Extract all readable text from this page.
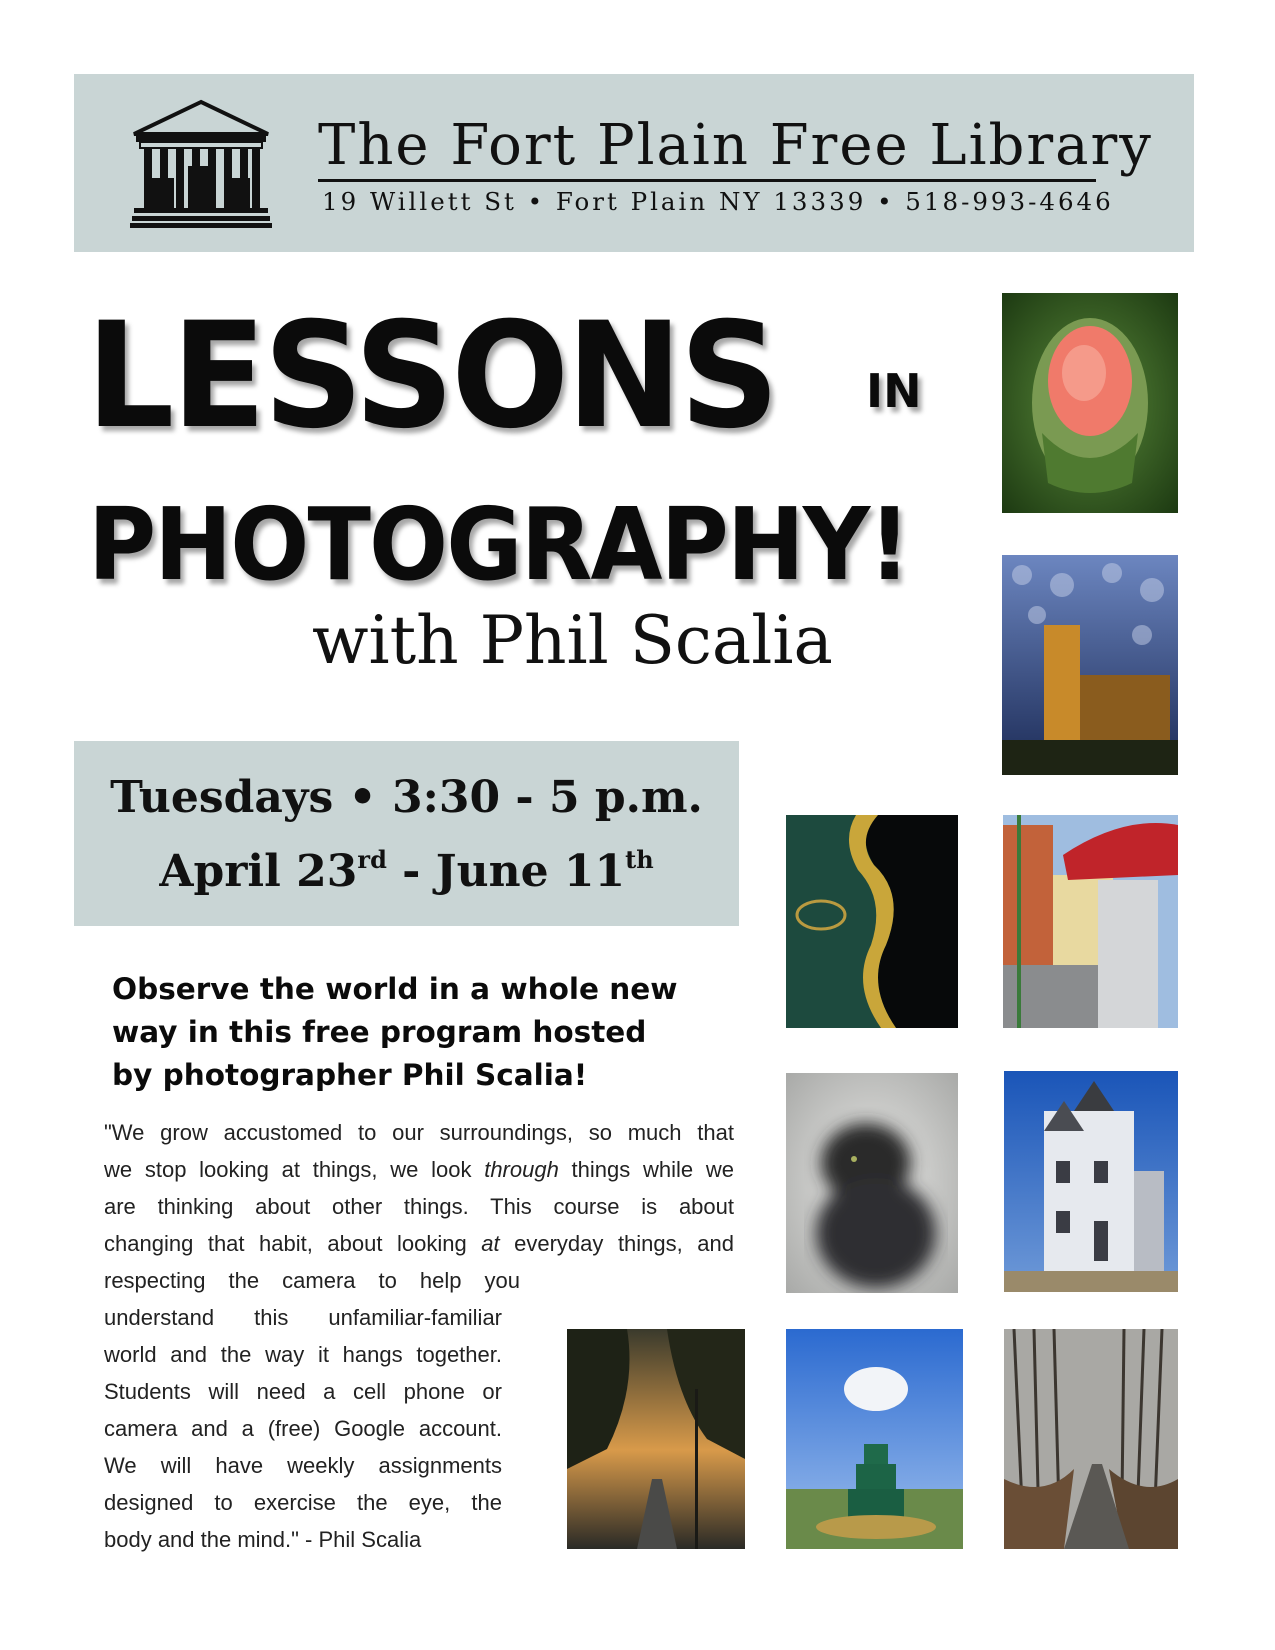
The Fort Plain Free Library
19 Willett St • Fort Plain NY 13339 • 518-993-4646
LESSONS IN
PHOTOGRAPHY!
with Phil Scalia
Tuesdays • 3:30 - 5 p.m.
April 23rd - June 11th
Observe the world in a whole new
way in this free program hosted
by photographer Phil Scalia!
"We grow accustomed to our surroundings, so much that
we stop looking at things, we look through things while we
are thinking about other things. This course is about
changing that habit, about looking at everyday things, and
respecting the camera to help you
understand this unfamiliar-familiar
world and the way it hangs together.
Students will need a cell phone or
camera and a (free) Google account.
We will have weekly assignments
designed to exercise the eye, the
body and the mind." - Phil Scalia
